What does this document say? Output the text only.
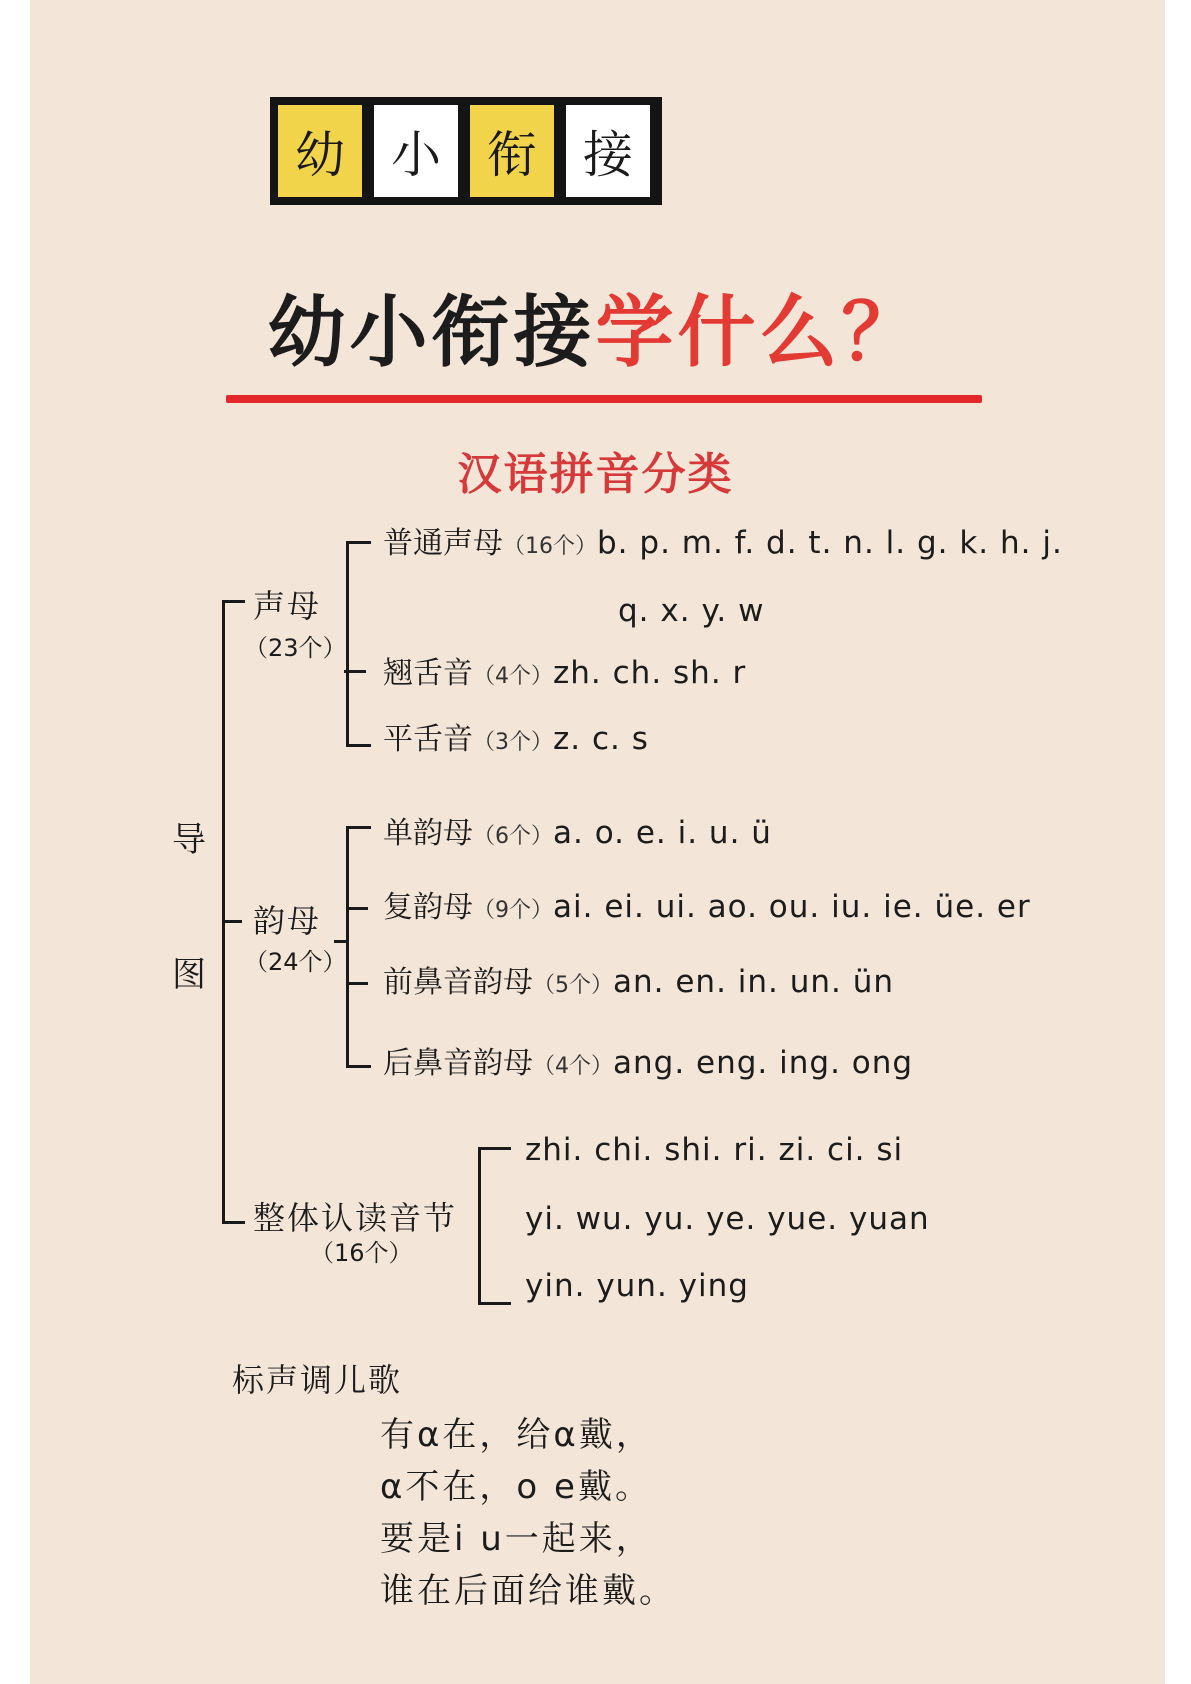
幼 小 衔 接
幼小衔接学什么？
汉语拼音分类
导
图
声母
（23个）
普通声母（16个）b. p. m. f. d. t. n. l. g. k. h. j.
q. x. y. w
翘舌音（4个）zh. ch. sh. r
平舌音（3个）z. c. s
韵母
（24个）
单韵母（6个）a. o. e. i. u. ü
复韵母（9个）ai. ei. ui. ao. ou. iu. ie. üe. er
前鼻音韵母（5个）an. en. in. un. ün
后鼻音韵母（4个）ang. eng. ing. ong
整体认读音节
（16个）
zhi. chi. shi. ri. zi. ci. si
yi. wu. yu. ye. yue. yuan
yin. yun. ying
标声调儿歌
有α在，给α戴，
α不在，o e戴。
要是i u一起来，
谁在后面给谁戴。
